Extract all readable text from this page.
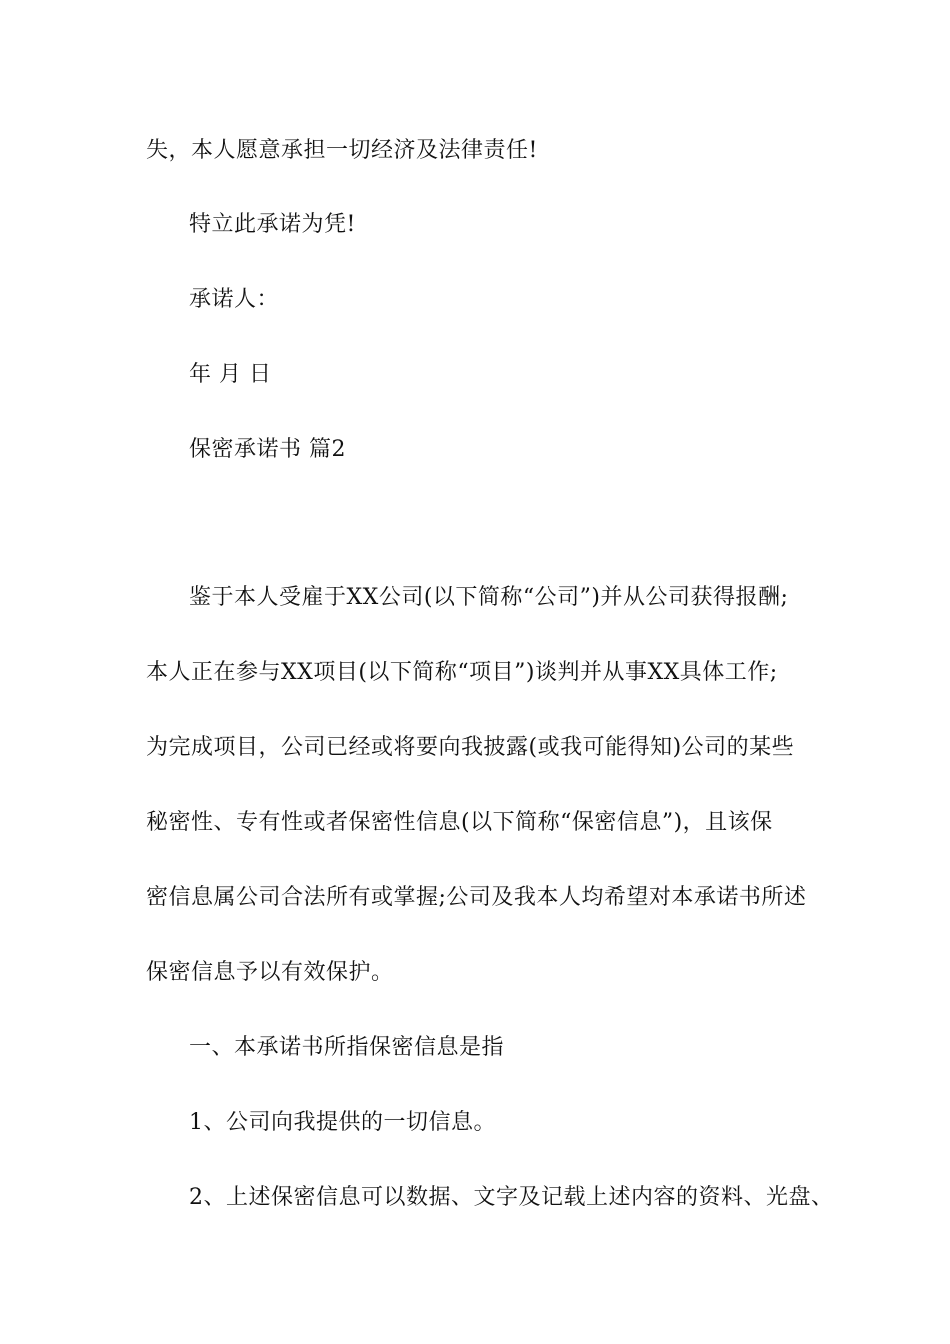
失，本人愿意承担一切经济及法律责任!
特立此承诺为凭!
承诺人：
年 月 日
保密承诺书 篇2
鉴于本人受雇于XX公司(以下简称“公司”)并从公司获得报酬;
本人正在参与XX项目(以下简称“项目”)谈判并从事XX具体工作;
为完成项目，公司已经或将要向我披露(或我可能得知)公司的某些
秘密性、专有性或者保密性信息(以下简称“保密信息”)，且该保
密信息属公司合法所有或掌握;公司及我本人均希望对本承诺书所述
保密信息予以有效保护。
一、本承诺书所指保密信息是指
1、公司向我提供的一切信息。
2、上述保密信息可以数据、文字及记载上述内容的资料、光盘、
